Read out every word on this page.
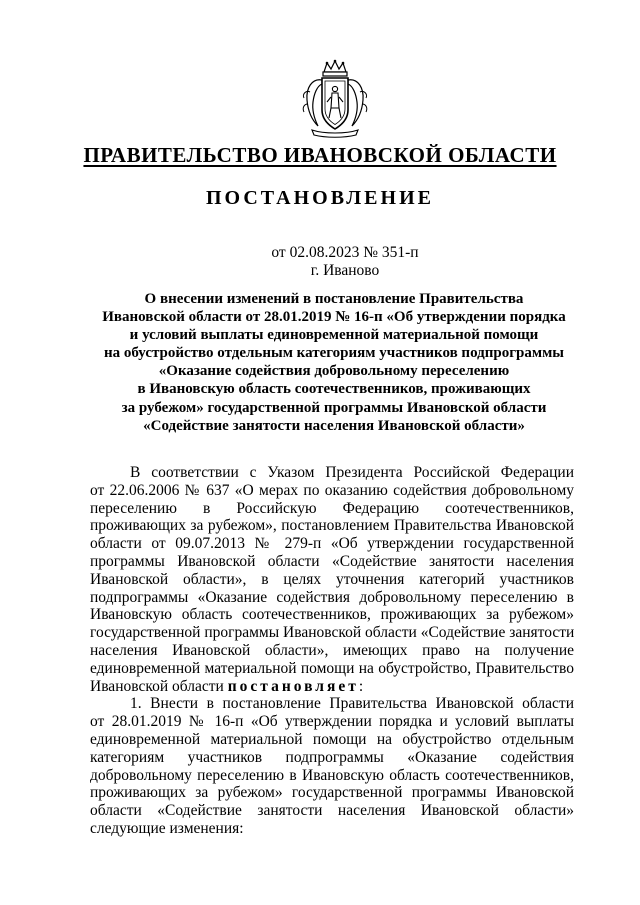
ПРАВИТЕЛЬСТВО ИВАНОВСКОЙ ОБЛАСТИ
ПОСТАНОВЛЕНИЕ
от 02.08.2023 № 351-п
г. Иваново
О внесении изменений в постановление Правительства
Ивановской области от 28.01.2019 № 16-п «Об утверждении порядка
и условий выплаты единовременной материальной помощи
на обустройство отдельным категориям участников подпрограммы
«Оказание содействия добровольному переселению
в Ивановскую область соотечественников, проживающих
за рубежом» государственной программы Ивановской области
«Содействие занятости населения Ивановской области»
В соответствии с Указом Президента Российской Федерации
от 22.06.2006 № 637 «О мерах по оказанию содействия добровольному
переселению в Российскую Федерацию соотечественников,
проживающих за рубежом», постановлением Правительства Ивановской
области от 09.07.2013 № 279-п «Об утверждении государственной
программы Ивановской области «Содействие занятости населения
Ивановской области», в целях уточнения категорий участников
подпрограммы «Оказание содействия добровольному переселению в
Ивановскую область соотечественников, проживающих за рубежом»
государственной программы Ивановской области «Содействие занятости
населения Ивановской области», имеющих право на получение
единовременной материальной помощи на обустройство, Правительство
Ивановской области постановляет:
1. Внести в постановление Правительства Ивановской области
от 28.01.2019 № 16-п «Об утверждении порядка и условий выплаты
единовременной материальной помощи на обустройство отдельным
категориям участников подпрограммы «Оказание содействия
добровольному переселению в Ивановскую область соотечественников,
проживающих за рубежом» государственной программы Ивановской
области «Содействие занятости населения Ивановской области»
следующие изменения:
